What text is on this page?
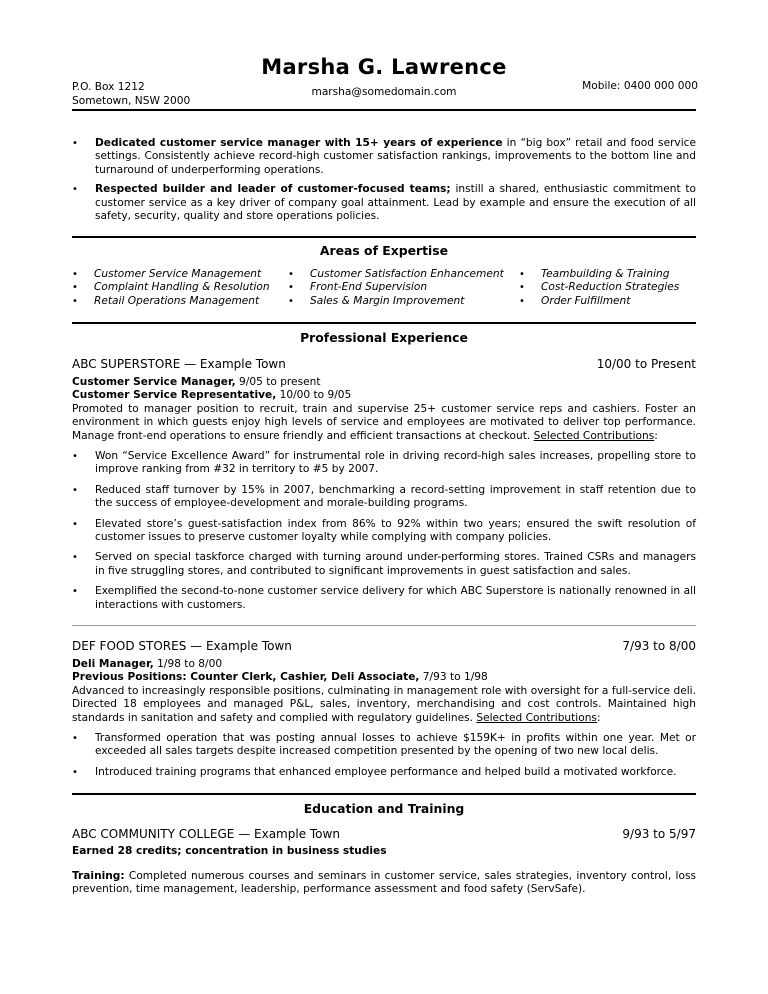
Marsha G. Lawrence
P.O. Box 1212
Sometown, NSW 2000
marsha@somedomain.com	Mobile: 0400 000 000
• Dedicated customer service manager with 15+ years of experience in “big box” retail and food service settings. Consistently achieve record-high customer satisfaction rankings, improvements to the bottom line and turnaround of underperforming operations.
• Respected builder and leader of customer-focused teams; instill a shared, enthusiastic commitment to customer service as a key driver of company goal attainment. Lead by example and ensure the execution of all safety, security, quality and store operations policies.
Areas of Expertise
• Customer Service Management
• Complaint Handling & Resolution
• Retail Operations Management
• Customer Satisfaction Enhancement
• Front-End Supervision
• Sales & Margin Improvement
• Teambuilding & Training
• Cost-Reduction Strategies
• Order Fulfillment
Professional Experience
ABC SUPERSTORE — Example Town	10/00 to Present
Customer Service Manager, 9/05 to present
Customer Service Representative, 10/00 to 9/05

Promoted to manager position to recruit, train and supervise 25+ customer service reps and cashiers. Foster an environment in which guests enjoy high levels of service and employees are motivated to deliver top performance. Manage front-end operations to ensure friendly and efficient transactions at checkout. Selected Contributions:

• Won “Service Excellence Award” for instrumental role in driving record-high sales increases, propelling store to improve ranking from #32 in territory to #5 by 2007.
• Reduced staff turnover by 15% in 2007, benchmarking a record-setting improvement in staff retention due to the success of employee-development and morale-building programs.
• Elevated store’s guest-satisfaction index from 86% to 92% within two years; ensured the swift resolution of customer issues to preserve customer loyalty while complying with company policies.
• Served on special taskforce charged with turning around under-performing stores. Trained CSRs and managers in five struggling stores, and contributed to significant improvements in guest satisfaction and sales.
• Exemplified the second-to-none customer service delivery for which ABC Superstore is nationally renowned in all interactions with customers.
DEF FOOD STORES — Example Town	7/93 to 8/00
Deli Manager, 1/98 to 8/00
Previous Positions: Counter Clerk, Cashier, Deli Associate, 7/93 to 1/98

Advanced to increasingly responsible positions, culminating in management role with oversight for a full-service deli. Directed 18 employees and managed P&L, sales, inventory, merchandising and cost controls. Maintained high standards in sanitation and safety and complied with regulatory guidelines. Selected Contributions:

• Transformed operation that was posting annual losses to achieve $159K+ in profits within one year. Met or exceeded all sales targets despite increased competition presented by the opening of two new local delis.
• Introduced training programs that enhanced employee performance and helped build a motivated workforce.
Education and Training
ABC COMMUNITY COLLEGE — Example Town	9/93 to 5/97
Earned 28 credits; concentration in business studies

Training: Completed numerous courses and seminars in customer service, sales strategies, inventory control, loss prevention, time management, leadership, performance assessment and food safety (ServSafe).
